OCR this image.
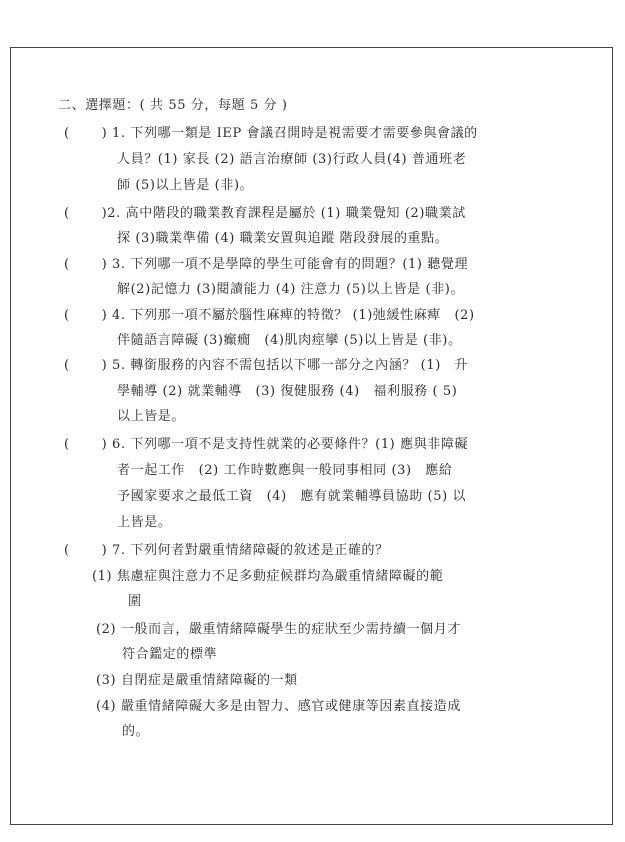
二、選擇題：( 共 55 分，每題 5 分 )
(　　 ) 1. 下列哪一類是 IEP 會議召開時是視需要才需要參與會議的
人員？(1) 家長 (2) 語言治療師 (3)行政人員(4) 普通班老
師 (5)以上皆是 (非)。
(　　 )2. 高中階段的職業教育課程是屬於 (1) 職業覺知 (2)職業試
探 (3)職業準備 (4) 職業安置與追蹤 階段發展的重點。
(　　 ) 3. 下列哪一項不是學障的學生可能會有的問題？(1) 聽覺理
解(2)記憶力 (3)閱讀能力 (4) 注意力 (5)以上皆是 (非)。
(　　 ) 4. 下列那一項不屬於腦性麻痺的特徵？ (1)弛緩性麻痺　(2)
伴隨語言障礙 (3)癲癇　(4)肌肉痙攣 (5)以上皆是 (非)。
(　　 ) 5. 轉銜服務的內容不需包括以下哪一部分之內涵？ (1)　升
學輔導 (2) 就業輔導　(3) 復健服務 (4)　福利服務 ( 5)
以上皆是。
(　　 ) 6. 下列哪一項不是支持性就業的必要條件？(1) 應與非障礙
者一起工作　(2) 工作時數應與一般同事相同 (3)　應給
予國家要求之最低工資　(4)　應有就業輔導員協助 (5) 以
上皆是。
(　　 ) 7. 下列何者對嚴重情緒障礙的敘述是正確的？
(1) 焦慮症與注意力不足多動症候群均為嚴重情緒障礙的範
圍
(2) 一般而言，嚴重情緒障礙學生的症狀至少需持續一個月才
符合鑑定的標準
(3) 自閉症是嚴重情緒障礙的一類
(4) 嚴重情緒障礙大多是由智力、感官或健康等因素直接造成
的。
